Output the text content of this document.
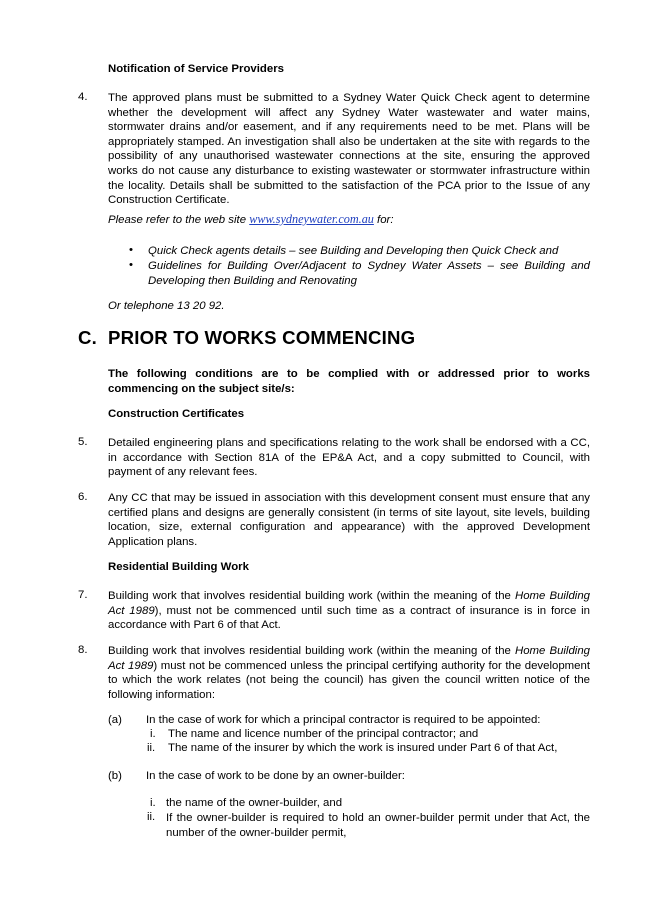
Notification of Service Providers
4. The approved plans must be submitted to a Sydney Water Quick Check agent to determine whether the development will affect any Sydney Water wastewater and water mains, stormwater drains and/or easement, and if any requirements need to be met. Plans will be appropriately stamped. An investigation shall also be undertaken at the site with regards to the possibility of any unauthorised wastewater connections at the site, ensuring the approved works do not cause any disturbance to existing wastewater or stormwater infrastructure within the locality. Details shall be submitted to the satisfaction of the PCA prior to the Issue of any Construction Certificate.
Please refer to the web site www.sydneywater.com.au for:
• Quick Check agents details – see Building and Developing then Quick Check and
• Guidelines for Building Over/Adjacent to Sydney Water Assets – see Building and Developing then Building and Renovating
Or telephone 13 20 92.
C. PRIOR TO WORKS COMMENCING
The following conditions are to be complied with or addressed prior to works commencing on the subject site/s:
Construction Certificates
5. Detailed engineering plans and specifications relating to the work shall be endorsed with a CC, in accordance with Section 81A of the EP&A Act, and a copy submitted to Council, with payment of any relevant fees.
6. Any CC that may be issued in association with this development consent must ensure that any certified plans and designs are generally consistent (in terms of site layout, site levels, building location, size, external configuration and appearance) with the approved Development Application plans.
Residential Building Work
7. Building work that involves residential building work (within the meaning of the Home Building Act 1989), must not be commenced until such time as a contract of insurance is in force in accordance with Part 6 of that Act.
8. Building work that involves residential building work (within the meaning of the Home Building Act 1989) must not be commenced unless the principal certifying authority for the development to which the work relates (not being the council) has given the council written notice of the following information:
(a) In the case of work for which a principal contractor is required to be appointed:
i. The name and licence number of the principal contractor; and
ii. The name of the insurer by which the work is insured under Part 6 of that Act,
(b) In the case of work to be done by an owner-builder:
i. the name of the owner-builder, and
ii. If the owner-builder is required to hold an owner-builder permit under that Act, the number of the owner-builder permit,
